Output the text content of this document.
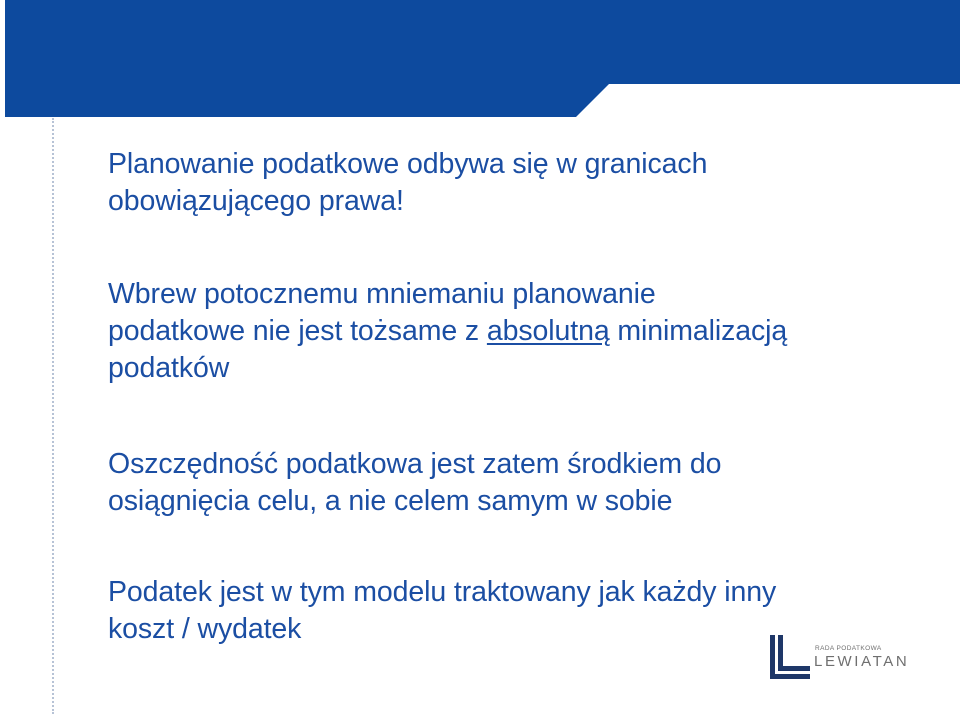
Planowanie podatkowe odbywa się w granicach
obowiązującego prawa!

Wbrew potocznemu mniemaniu planowanie
podatkowe nie jest tożsame z absolutną minimalizacją
podatków

Oszczędność podatkowa jest zatem środkiem do
osiągnięcia celu, a nie celem samym w sobie

Podatek jest w tym modelu traktowany jak każdy inny
koszt / wydatek

RADA PODATKOWA
LEWIATAN
